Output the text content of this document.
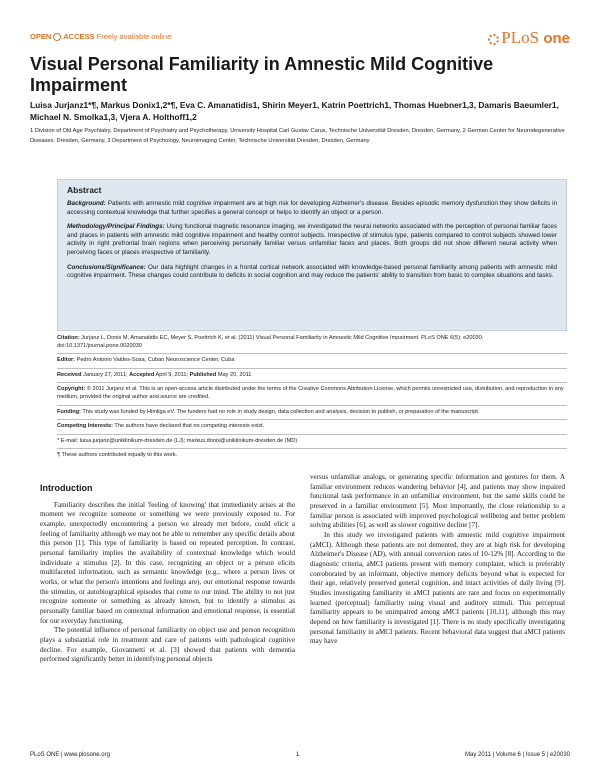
OPEN ACCESS Freely available online	PLoS one
Visual Personal Familiarity in Amnestic Mild Cognitive Impairment

Luisa Jurjanz1*¶, Markus Donix1,2*¶, Eva C. Amanatidis1, Shirin Meyer1, Katrin Poettrich1, Thomas Huebner1,3, Damaris Baeumler1, Michael N. Smolka1,3, Vjera A. Holthoff1,2

1 Division of Old Age Psychiatry, Department of Psychiatry and Psychotherapy, University Hospital Carl Gustav Carus, Technische Universität Dresden, Dresden, Germany, 2 German Center for Neurodegenerative Diseases, Dresden, Germany, 3 Department of Psychology, Neuroimaging Center, Technische Universität Dresden, Dresden, Germany

Abstract

Background: Patients with amnestic mild cognitive impairment are at high risk for developing Alzheimer's disease. Besides episodic memory dysfunction they show deficits in accessing contextual knowledge that further specifies a general concept or helps to identify an object or a person.

Methodology/Principal Findings: Using functional magnetic resonance imaging, we investigated the neural networks associated with the perception of personal familiar faces and places in patients with amnestic mild cognitive impairment and healthy control subjects. Irrespective of stimulus type, patients compared to control subjects showed lower activity in right prefrontal brain regions when perceiving personally familiar versus unfamiliar faces and places. Both groups did not show different neural activity when perceiving faces or places irrespective of familiarity.

Conclusions/Significance: Our data highlight changes in a frontal cortical network associated with knowledge-based personal familiarity among patients with amnestic mild cognitive impairment. These changes could contribute to deficits in social cognition and may reduce the patients' ability to transition from basic to complex situations and tasks.

Citation: Jurjanz L, Donix M, Amanatidis EC, Meyer S, Poettrich K, et al. (2011) Visual Personal Familiarity in Amnestic Mild Cognitive Impairment. PLoS ONE 6(5): e20030. doi:10.1371/journal.pone.0020030

Editor: Pedro Antonio Valdes-Sosa, Cuban Neuroscience Center, Cuba

Received January 27, 2011; Accepted April 9, 2011; Published May 20, 2011

Copyright: © 2011 Jurjanz et al. This is an open-access article distributed under the terms of the Creative Commons Attribution License, which permits unrestricted use, distribution, and reproduction in any medium, provided the original author and source are credited.

Funding: This study was funded by Himliga eV. The funders had no role in study design, data collection and analysis, decision to publish, or preparation of the manuscript.

Competing Interests: The authors have declared that no competing interests exist.

* E-mail: luisa.jurjanz@uniklinikum-dresden.de (LJ); markus.donix@uniklinikum-dresden.de (MD)

¶ These authors contributed equally to this work.

Introduction

Familiarity describes the initial 'feeling of knowing' that immediately arises at the moment we recognize someone or something we were previously exposed to. For example, unexpectedly encountering a person we already met before, could elicit a feeling of familiarity although we may not be able to remember any specific details about this person [1]. This type of familiarity is based on repeated perception. In contrast, personal familiarity implies the availability of contextual knowledge which would individuate a stimulus [2]. In this case, recognizing an object or a person elicits multifaceted information, such as semantic knowledge (e.g., where a person lives or works, or what the person's intentions and feelings are), our emotional response towards the stimulus, or autobiographical episodes that come to our mind. The ability to not just recognize someone or something as already known, but to identify a stimulus as personally familiar based on contextual information and emotional response, is essential for our everyday functioning.

The potential influence of personal familiarity on object use and person recognition plays a substantial role in treatment and care of patients with pathological cognitive decline. For example, Giovannetti et al. [3] showed that patients with dementia performed significantly better in identifying personal objects

versus unfamiliar analogs, or generating specific information and gestures for them. A familiar environment reduces wandering behavior [4], and patients may show impaired functional task performance in an unfamiliar environment, but the same skills could be preserved in a familiar environment [5]. Most importantly, the close relationship to a familiar person is associated with improved psychological wellbeing and better problem solving abilities [6], as well as slower cognitive decline [7].

In this study we investigated patients with amnestic mild cognitive impairment (aMCI). Although these patients are not demented, they are at high risk for developing Alzheimer's Disease (AD), with annual conversion rates of 10-12% [8]. According to the diagnostic criteria, aMCI patients present with memory complaint, which is preferably corroborated by an informant, objective memory deficits beyond what is expected for their age, relatively preserved general cognition, and intact activities of daily living [9]. Studies investigating familiarity in aMCI patients are rare and focus on experimentally learned (perceptual) familiarity using visual and auditory stimuli. This perceptual familiarity appears to be unimpaired among aMCI patients [10,11], although this may depend on how familiarity is investigated [1]. There is no study specifically investigating personal familiarity in aMCI patients. Recent behavioral data suggest that aMCI patients may have

PLoS ONE | www.plosone.org	1	May 2011 | Volume 6 | Issue 5 | e20030
